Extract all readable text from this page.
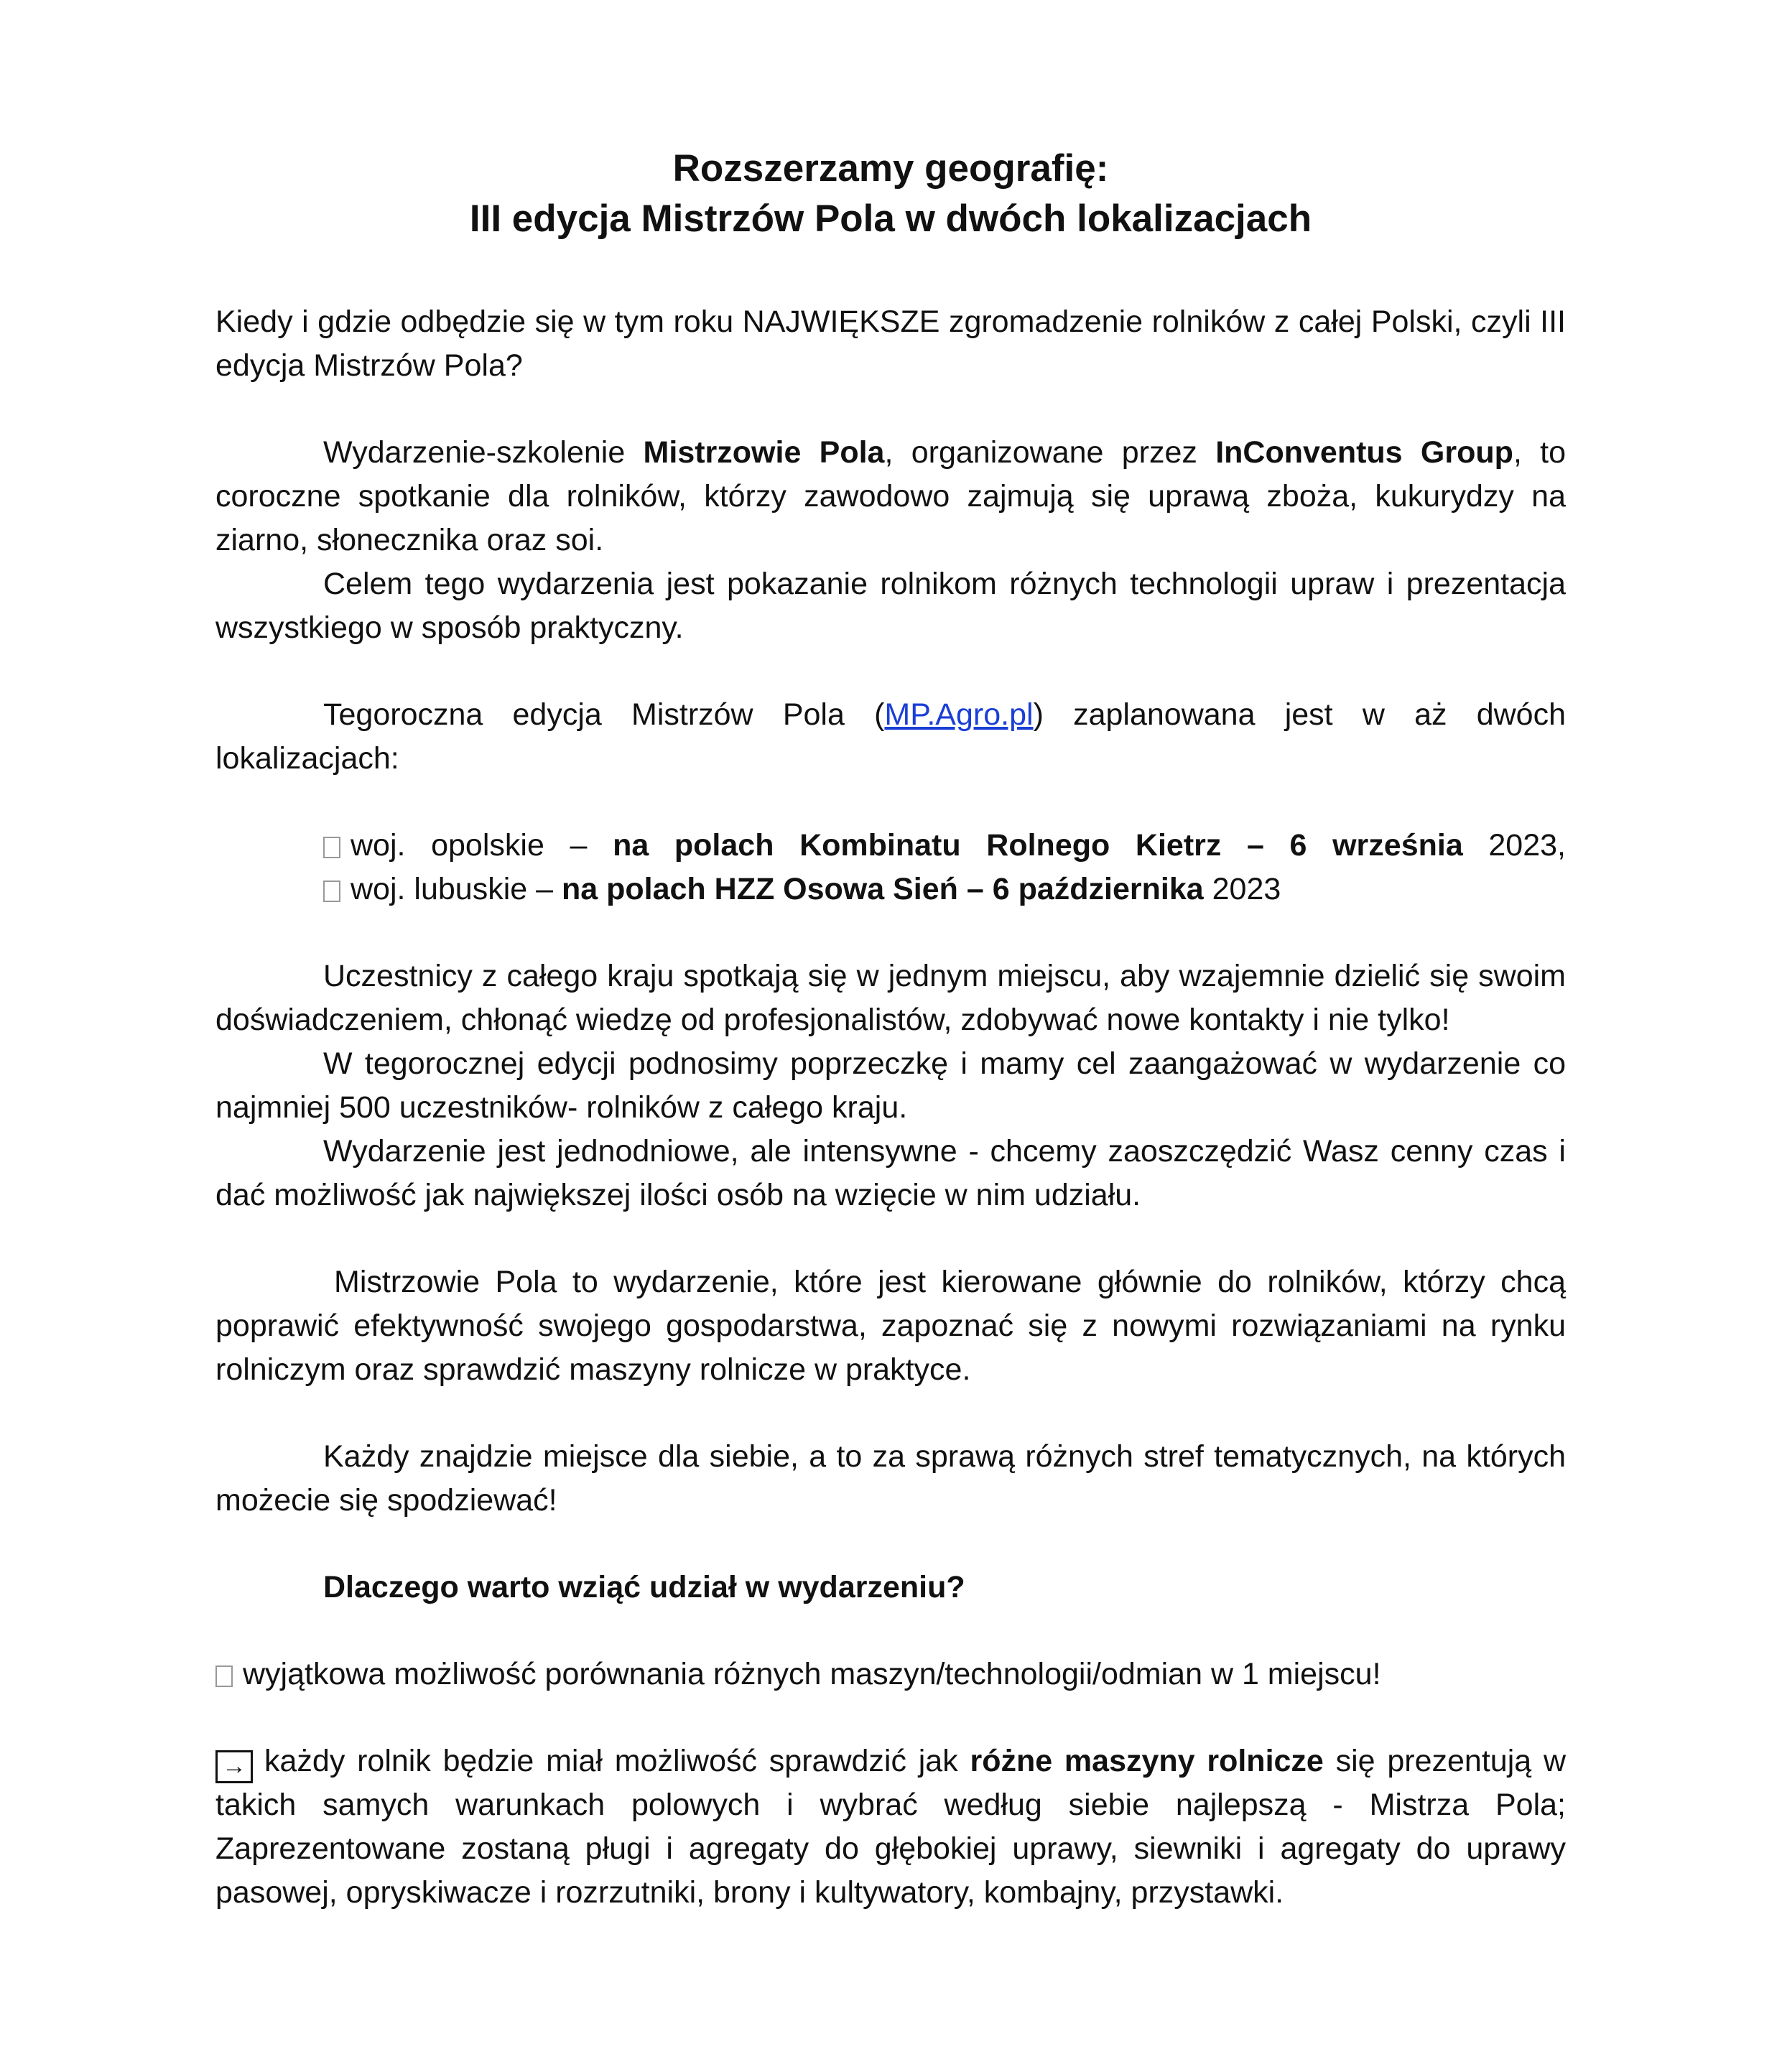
Rozszerzamy geografię:
III edycja Mistrzów Pola w dwóch lokalizacjach

Kiedy i gdzie odbędzie się w tym roku NAJWIĘKSZE zgromadzenie rolników z całej Polski, czyli III edycja Mistrzów Pola?

Wydarzenie-szkolenie Mistrzowie Pola, organizowane przez InConventus Group, to coroczne spotkanie dla rolników, którzy zawodowo zajmują się uprawą zboża, kukurydzy na ziarno, słonecznika oraz soi.

Celem tego wydarzenia jest pokazanie rolnikom różnych technologii upraw i prezentacja wszystkiego w sposób praktyczny.

Tegoroczna edycja Mistrzów Pola (MP.Agro.pl) zaplanowana jest w aż dwóch lokalizacjach:

woj. opolskie – na polach Kombinatu Rolnego Kietrz – 6 września 2023,
woj. lubuskie – na polach HZZ Osowa Sień – 6 października 2023

Uczestnicy z całego kraju spotkają się w jednym miejscu, aby wzajemnie dzielić się swoim doświadczeniem, chłonąć wiedzę od profesjonalistów, zdobywać nowe kontakty i nie tylko!

W tegorocznej edycji podnosimy poprzeczkę i mamy cel zaangażować w wydarzenie co najmniej 500 uczestników- rolników z całego kraju.

Wydarzenie jest jednodniowe, ale intensywne - chcemy zaoszczędzić Wasz cenny czas i dać możliwość jak największej ilości osób na wzięcie w nim udziału.

Mistrzowie Pola to wydarzenie, które jest kierowane głównie do rolników, którzy chcą poprawić efektywność swojego gospodarstwa, zapoznać się z nowymi rozwiązaniami na rynku rolniczym oraz sprawdzić maszyny rolnicze w praktyce.

Każdy znajdzie miejsce dla siebie, a to za sprawą różnych stref tematycznych, na których możecie się spodziewać!

Dlaczego warto wziąć udział w wydarzeniu?

wyjątkowa możliwość porównania różnych maszyn/technologii/odmian w 1 miejscu!

→ każdy rolnik będzie miał możliwość sprawdzić jak różne maszyny rolnicze się prezentują w takich samych warunkach polowych i wybrać według siebie najlepszą - Mistrza Pola; Zaprezentowane zostaną pługi i agregaty do głębokiej uprawy, siewniki i agregaty do uprawy pasowej, opryskiwacze i rozrzutniki, brony i kultywatory, kombajny, przystawki.
